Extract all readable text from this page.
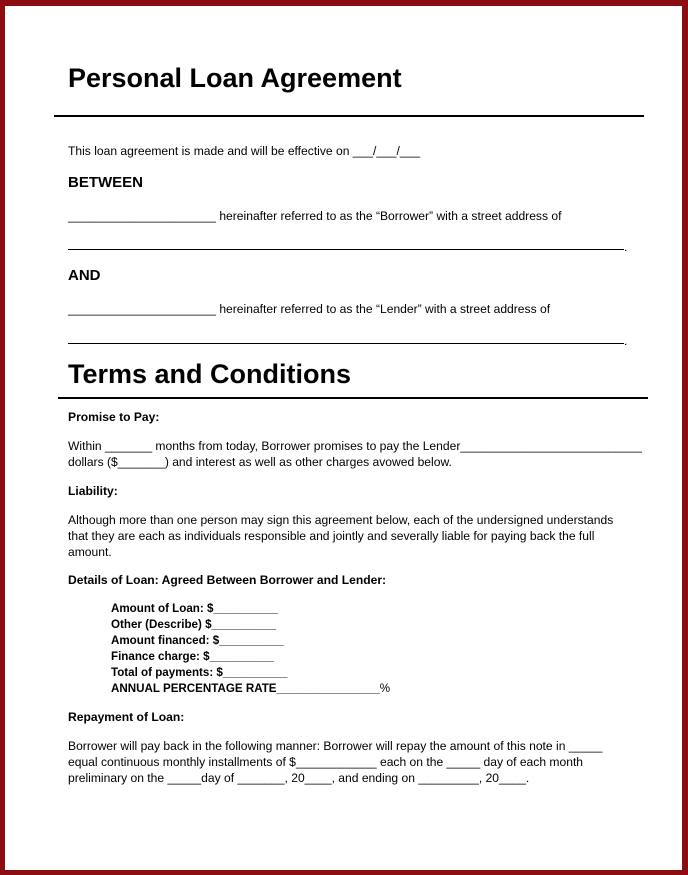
Personal Loan Agreement
This loan agreement is made and will be effective on ___/___/___
BETWEEN
______________________ hereinafter referred to as the “Borrower” with a street address of
.
AND
______________________ hereinafter referred to as the “Lender” with a street address of
.
Terms and Conditions
Promise to Pay:
Within _______ months from today, Borrower promises to pay the Lender___________________________
dollars ($_______) and interest as well as other charges avowed below.
Liability:
Although more than one person may sign this agreement below, each of the undersigned understands
that they are each as individuals responsible and jointly and severally liable for paying back the full
amount.
Details of Loan: Agreed Between Borrower and Lender:
Amount of Loan: $__________
Other (Describe) $__________
Amount financed: $__________
Finance charge: $__________
Total of payments: $__________
ANNUAL PERCENTAGE RATE________________%
Repayment of Loan:
Borrower will pay back in the following manner: Borrower will repay the amount of this note in _____
equal continuous monthly installments of $____________ each on the _____ day of each month
preliminary on the _____day of _______, 20____, and ending on _________, 20____.
